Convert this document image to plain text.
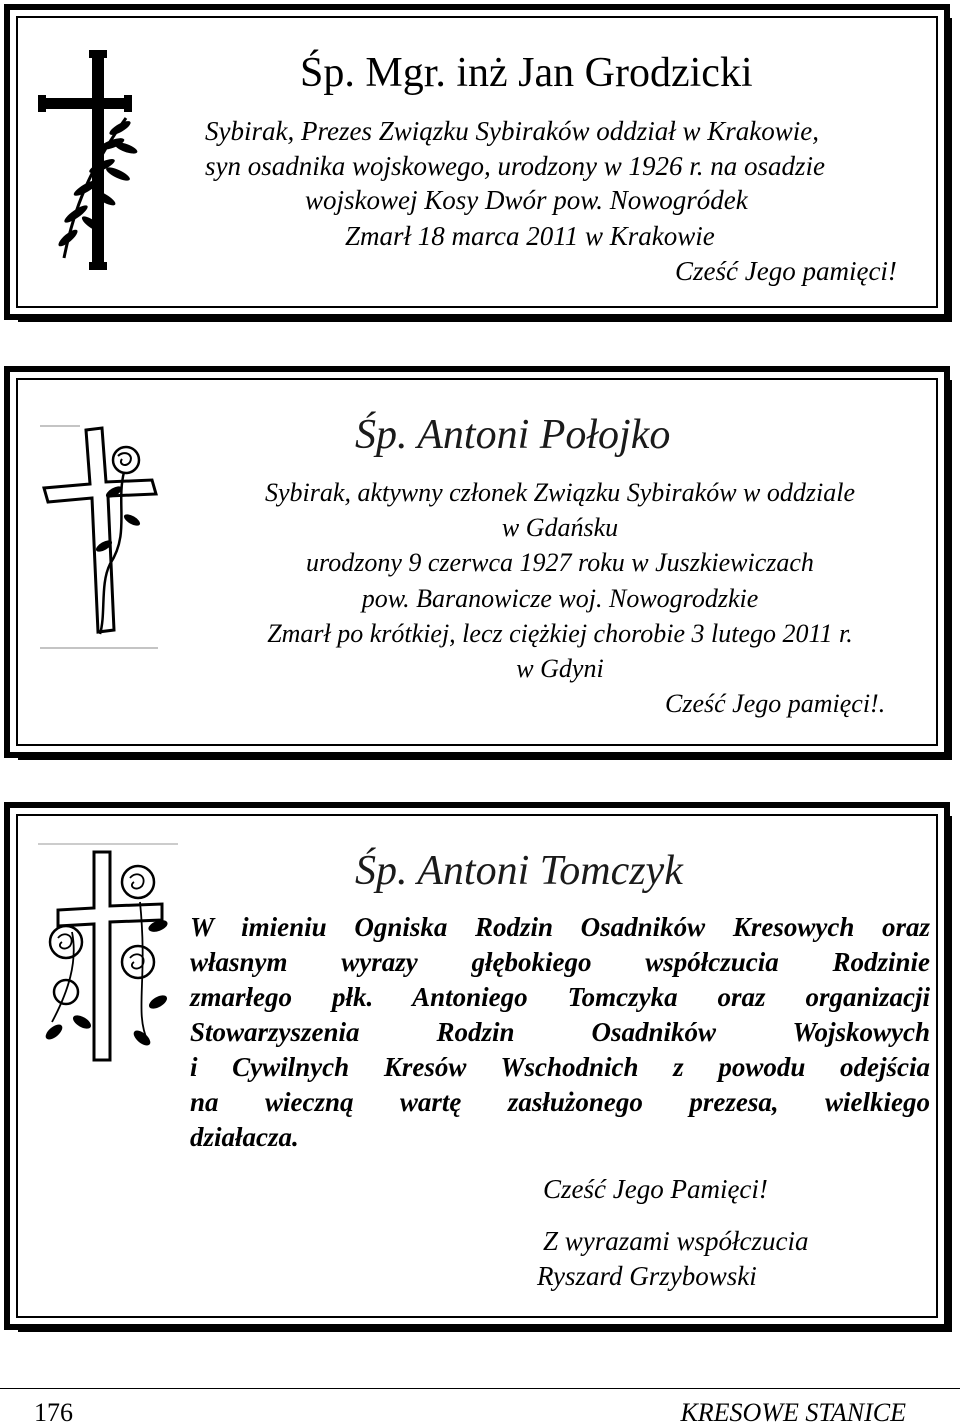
Śp. Mgr. inż Jan Grodzicki
Sybirak, Prezes Związku Sybiraków oddział w Krakowie,
syn osadnika wojskowego, urodzony w 1926 r. na osadzie
wojskowej Kosy Dwór pow. Nowogródek
Zmarł 18 marca 2011 w Krakowie
Cześć Jego pamięci!
Śp. Antoni Połojko
Sybirak, aktywny członek Związku Sybiraków w oddziale
w Gdańsku
urodzony 9 czerwca 1927 roku w Juszkiewiczach
pow. Baranowicze woj. Nowogrodzkie
Zmarł po krótkiej, lecz ciężkiej chorobie 3 lutego 2011 r.
w Gdyni
Cześć Jego pamięci!.
Śp. Antoni Tomczyk
W imieniu Ogniska Rodzin Osadników Kresowych oraz
własnym wyrazy głębokiego współczucia Rodzinie
zmarłego płk. Antoniego Tomczyka oraz organizacji
Stowarzyszenia Rodzin Osadników Wojskowych
i Cywilnych Kresów Wschodnich z powodu odejścia
na wieczną wartę zasłużonego prezesa, wielkiego
działacza.
Cześć Jego Pamięci!
Z wyrazami współczucia
Ryszard Grzybowski
176	KRESOWE STANICE
